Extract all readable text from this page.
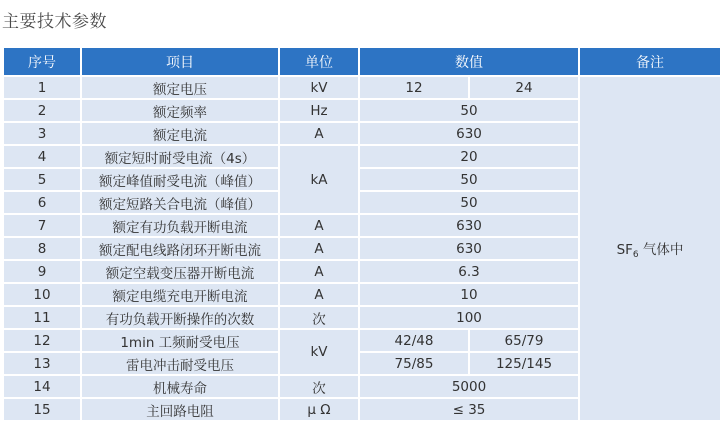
主要技术参数
序号	项目	单位	数值		备注
1	额定电压	kV	12	24	$SF_6$ 气体中
2	额定频率	Hz	50		
3	额定电流	A	630		
4	额定短时耐受电流（4s）	kA	20		
5	额定峰值耐受电流（峰值）		50		
6	额定短路关合电流（峰值）		50		
7	额定有功负载开断电流	A	630		
8	额定配电线路闭环开断电流	A	630		
9	额定空载变压器开断电流	A	6.3		
10	额定电缆充电开断电流	A	10		
11	有功负载开断操作的次数	次	100		
12	1min 工频耐受电压	kV	42/48	65/79	
13	雷电冲击耐受电压		75/85	125/145	
14	机械寿命	次	5000		
15	主回路电阻	μ Ω	≤ 35		
